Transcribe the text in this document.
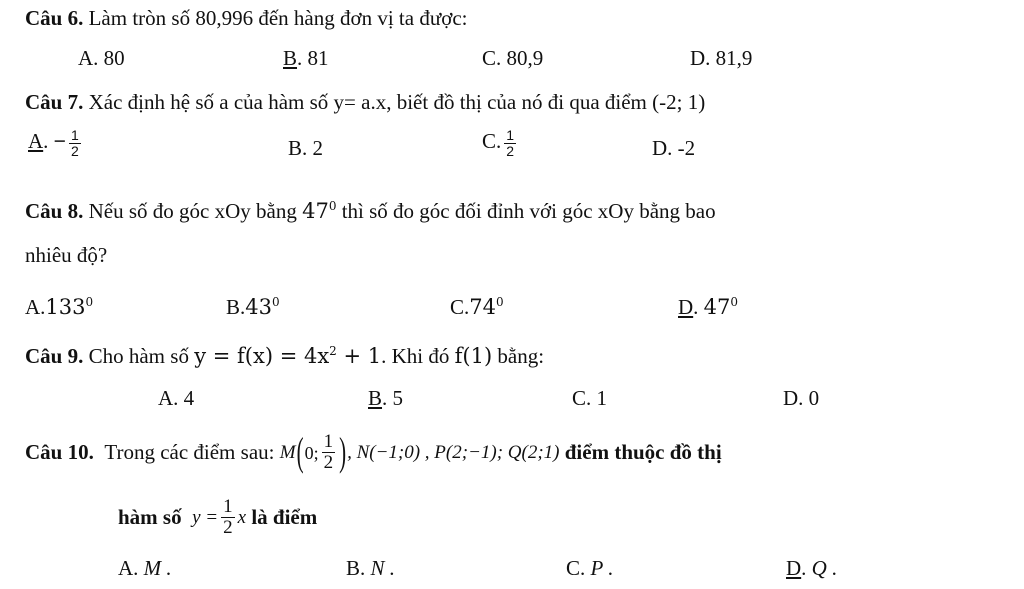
Câu 6. Làm tròn số 80,996 đến hàng đơn vị ta được:
A. 80	B. 81	C. 80,9	D. 81,9
Câu 7. Xác định hệ số a của hàm số y= a.x, biết đồ thị của nó đi qua điểm (-2; 1)
A. − $\frac{1}{2}$	B. 2	C. $\frac{1}{2}$	D. -2
Câu 8. Nếu số đo góc xOy bằng $47^0$ thì số đo góc đối đỉnh với góc xOy bằng bao
nhiêu độ?
A.133$^0$	$B.43^0$	$C.74^0$	D. $47^0$
Câu 9. Cho hàm số $y = f(x) = 4x^2 + 1$. Khi đó f(1) bằng:
A. 4	B. 5	C. 1	D. 0
Câu 10.
Trong các điểm sau:
M ( 0; $\frac{1}{2}$ ) , N(−1;0) , P(2;−1); Q(2;1)
điểm thuộc đồ thị
hàm số
$y = \frac{1}{2}$ x
là điểm
A. M .	B. N .	C. P .	D. Q .
